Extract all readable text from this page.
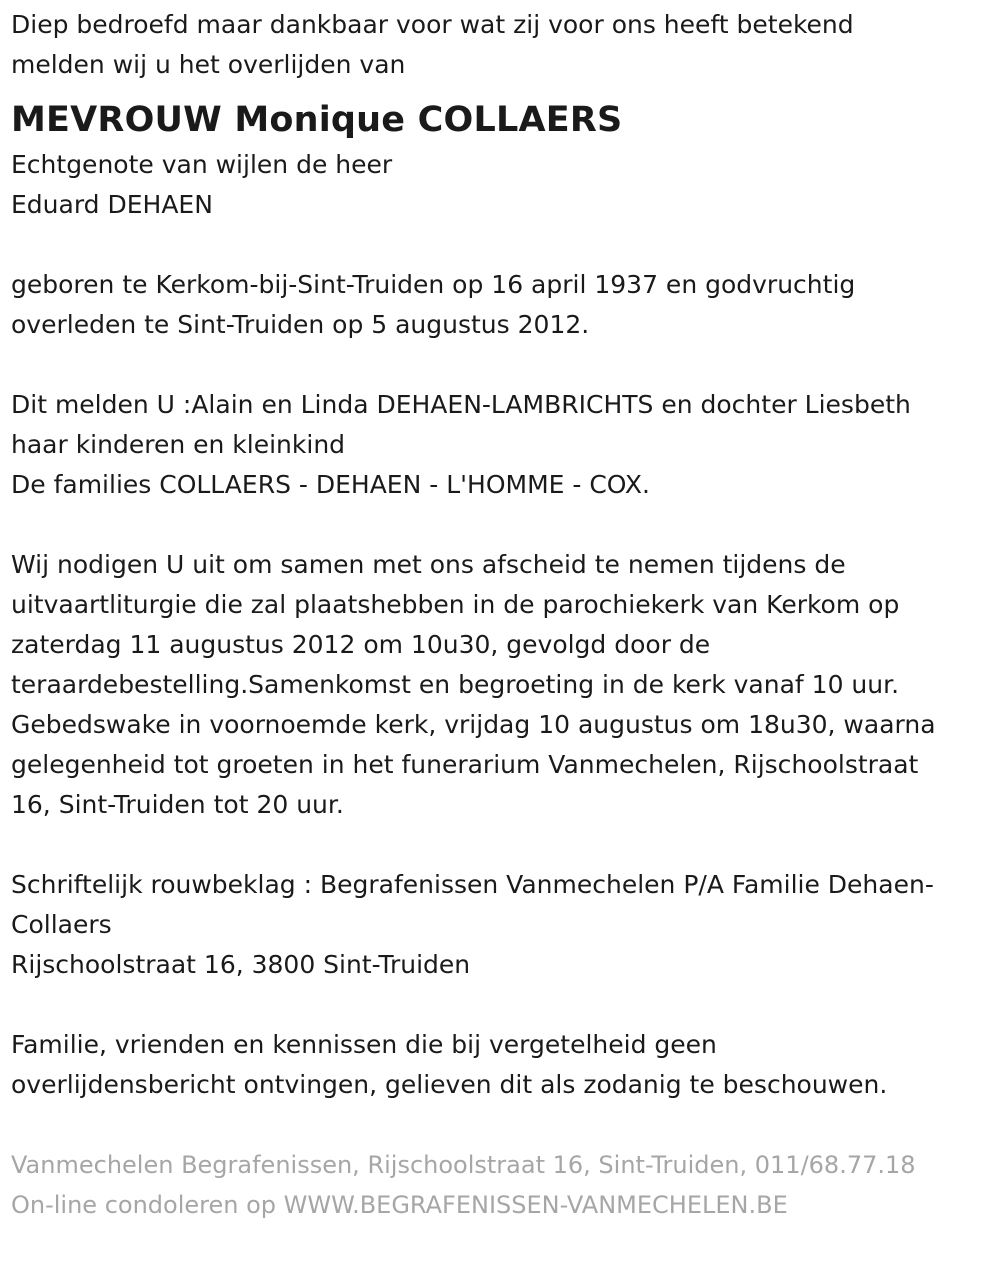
Diep bedroefd maar dankbaar voor wat zij voor ons heeft betekend
melden wij u het overlijden van
MEVROUW Monique COLLAERS
Echtgenote van wijlen de heer
Eduard DEHAEN
geboren te Kerkom-bij-Sint-Truiden op 16 april 1937 en godvruchtig
overleden te Sint-Truiden op 5 augustus 2012.
Dit melden U :Alain en Linda DEHAEN-LAMBRICHTS en dochter Liesbeth
haar kinderen en kleinkind
De families COLLAERS - DEHAEN - L'HOMME - COX.
Wij nodigen U uit om samen met ons afscheid te nemen tijdens de
uitvaartliturgie die zal plaatshebben in de parochiekerk van Kerkom op
zaterdag 11 augustus 2012 om 10u30, gevolgd door de
teraardebestelling.Samenkomst en begroeting in de kerk vanaf 10 uur.
Gebedswake in voornoemde kerk, vrijdag 10 augustus om 18u30, waarna
gelegenheid tot groeten in het funerarium Vanmechelen, Rijschoolstraat
16, Sint-Truiden tot 20 uur.
Schriftelijk rouwbeklag : Begrafenissen Vanmechelen P/A Familie Dehaen-
Collaers
Rijschoolstraat 16, 3800 Sint-Truiden
Familie, vrienden en kennissen die bij vergetelheid geen
overlijdensbericht ontvingen, gelieven dit als zodanig te beschouwen.
Vanmechelen Begrafenissen, Rijschoolstraat 16, Sint-Truiden, 011/68.77.18
On-line condoleren op WWW.BEGRAFENISSEN-VANMECHELEN.BE
